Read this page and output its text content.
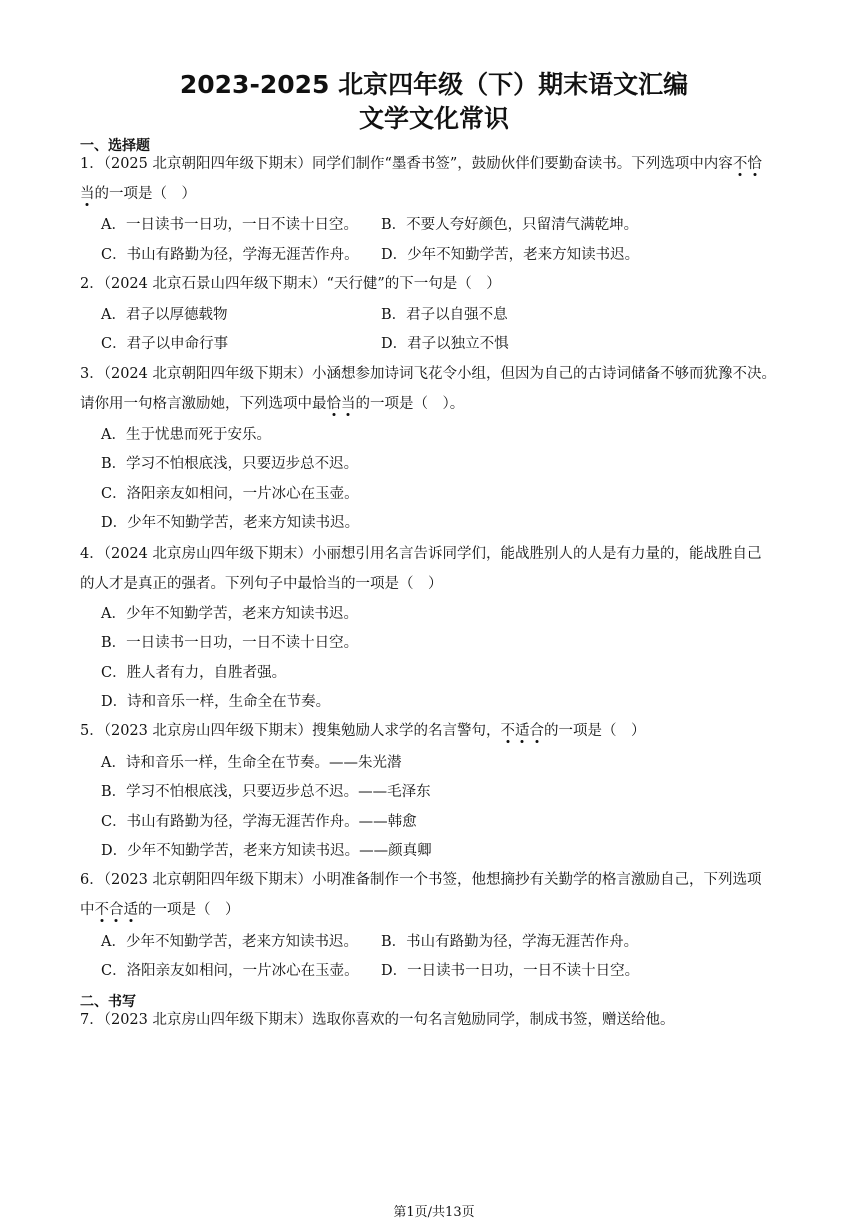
2023-2025 北京四年级（下）期末语文汇编
文学文化常识
一、选择题
1．（2025 北京朝阳四年级下期末）同学们制作“墨香书签”，鼓励伙伴们要勤奋读书。下列选项中内容不恰
当的一项是（　）
A．一日读书一日功，一日不读十日空。 B．不要人夸好颜色，只留清气满乾坤。
C．书山有路勤为径，学海无涯苦作舟。 D．少年不知勤学苦，老来方知读书迟。
2．（2024 北京石景山四年级下期末）“天行健”的下一句是（　）
A．君子以厚德载物	B．君子以自强不息
C．君子以申命行事	D．君子以独立不惧
3．（2024 北京朝阳四年级下期末）小涵想参加诗词飞花令小组，但因为自己的古诗词储备不够而犹豫不决。
请你用一句格言激励她，下列选项中最恰当的一项是（　）。
A．生于忧患而死于安乐。
B．学习不怕根底浅，只要迈步总不迟。
C．洛阳亲友如相问，一片冰心在玉壶。
D．少年不知勤学苦，老来方知读书迟。
4．（2024 北京房山四年级下期末）小丽想引用名言告诉同学们，能战胜别人的人是有力量的，能战胜自己
的人才是真正的强者。下列句子中最恰当的一项是（　）
A．少年不知勤学苦，老来方知读书迟。
B．一日读书一日功，一日不读十日空。
C．胜人者有力，自胜者强。
D．诗和音乐一样，生命全在节奏。
5．（2023 北京房山四年级下期末）搜集勉励人求学的名言警句，不适合的一项是（　）
A．诗和音乐一样，生命全在节奏。——朱光潜
B．学习不怕根底浅，只要迈步总不迟。——毛泽东
C．书山有路勤为径，学海无涯苦作舟。——韩愈
D．少年不知勤学苦，老来方知读书迟。——颜真卿
6．（2023 北京朝阳四年级下期末）小明准备制作一个书签，他想摘抄有关勤学的格言激励自己，下列选项
中不合适的一项是（　）
A．少年不知勤学苦，老来方知读书迟。 B．书山有路勤为径，学海无涯苦作舟。
C．洛阳亲友如相问，一片冰心在玉壶。 D．一日读书一日功，一日不读十日空。
二、书写
7．（2023 北京房山四年级下期末）选取你喜欢的一句名言勉励同学，制成书签，赠送给他。
第1页/共13页
